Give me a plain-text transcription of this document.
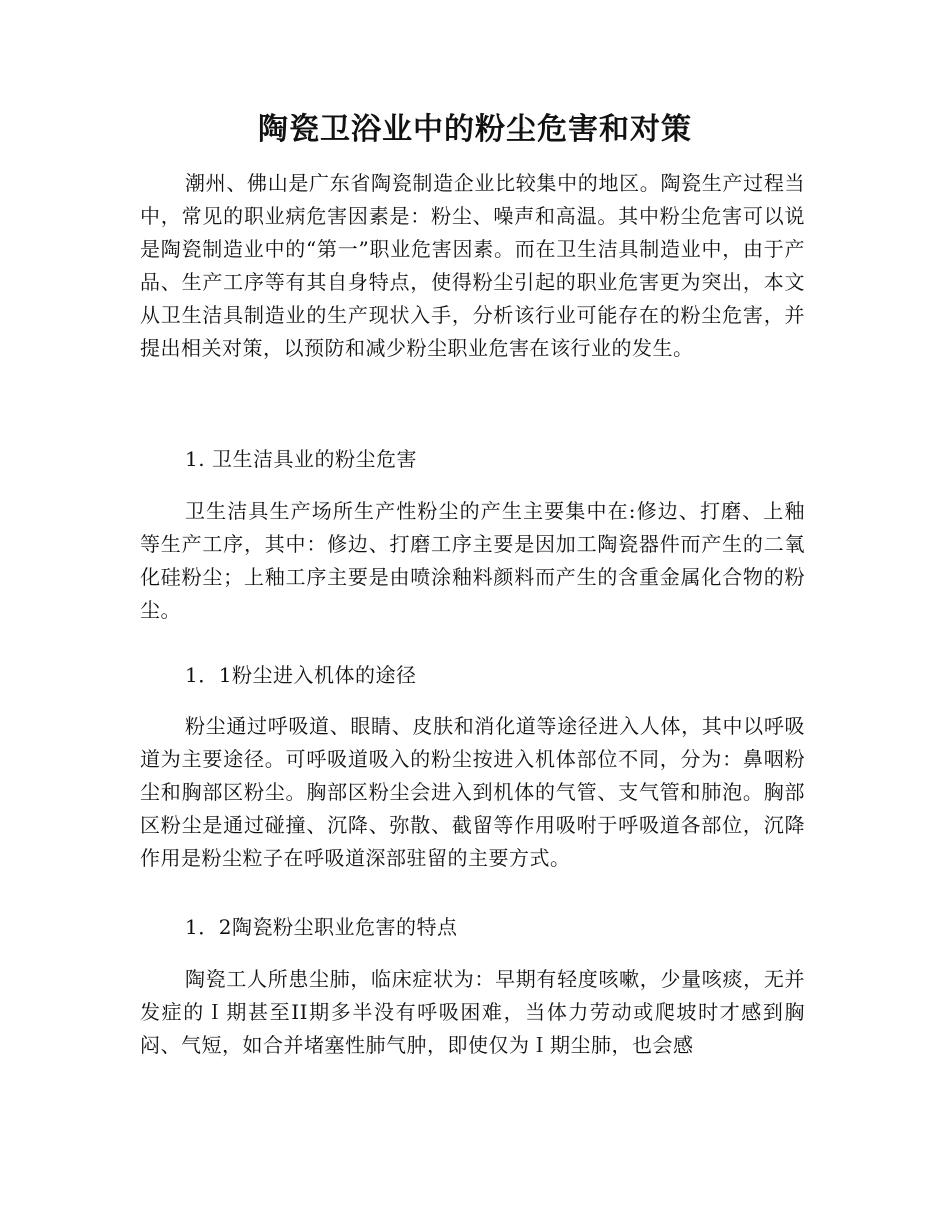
陶瓷卫浴业中的粉尘危害和对策
潮州、佛山是广东省陶瓷制造企业比较集中的地区。陶瓷生产过程当中，常见的职业病危害因素是：粉尘、噪声和高温。其中粉尘危害可以说是陶瓷制造业中的“第一”职业危害因素。而在卫生洁具制造业中，由于产品、生产工序等有其自身特点，使得粉尘引起的职业危害更为突出，本文从卫生洁具制造业的生产现状入手，分析该行业可能存在的粉尘危害，并提出相关对策，以预防和减少粉尘职业危害在该行业的发生。
1. 卫生洁具业的粉尘危害
卫生洁具生产场所生产性粉尘的产生主要集中在:修边、打磨、上釉等生产工序，其中：修边、打磨工序主要是因加工陶瓷器件而产生的二氧化硅粉尘；上釉工序主要是由喷涂釉料颜料而产生的含重金属化合物的粉尘。
1．1粉尘进入机体的途径
粉尘通过呼吸道、眼睛、皮肤和消化道等途径进入人体，其中以呼吸道为主要途径。可呼吸道吸入的粉尘按进入机体部位不同，分为：鼻咽粉尘和胸部区粉尘。胸部区粉尘会进入到机体的气管、支气管和肺泡。胸部区粉尘是通过碰撞、沉降、弥散、截留等作用吸咐于呼吸道各部位，沉降作用是粉尘粒子在呼吸道深部驻留的主要方式。
1．2陶瓷粉尘职业危害的特点
陶瓷工人所患尘肺，临床症状为：早期有轻度咳嗽，少量咳痰，无并发症的Ｉ期甚至II期多半没有呼吸困难，当体力劳动或爬坡时才感到胸闷、气短，如合并堵塞性肺气肿，即使仅为Ｉ期尘肺，也会感
